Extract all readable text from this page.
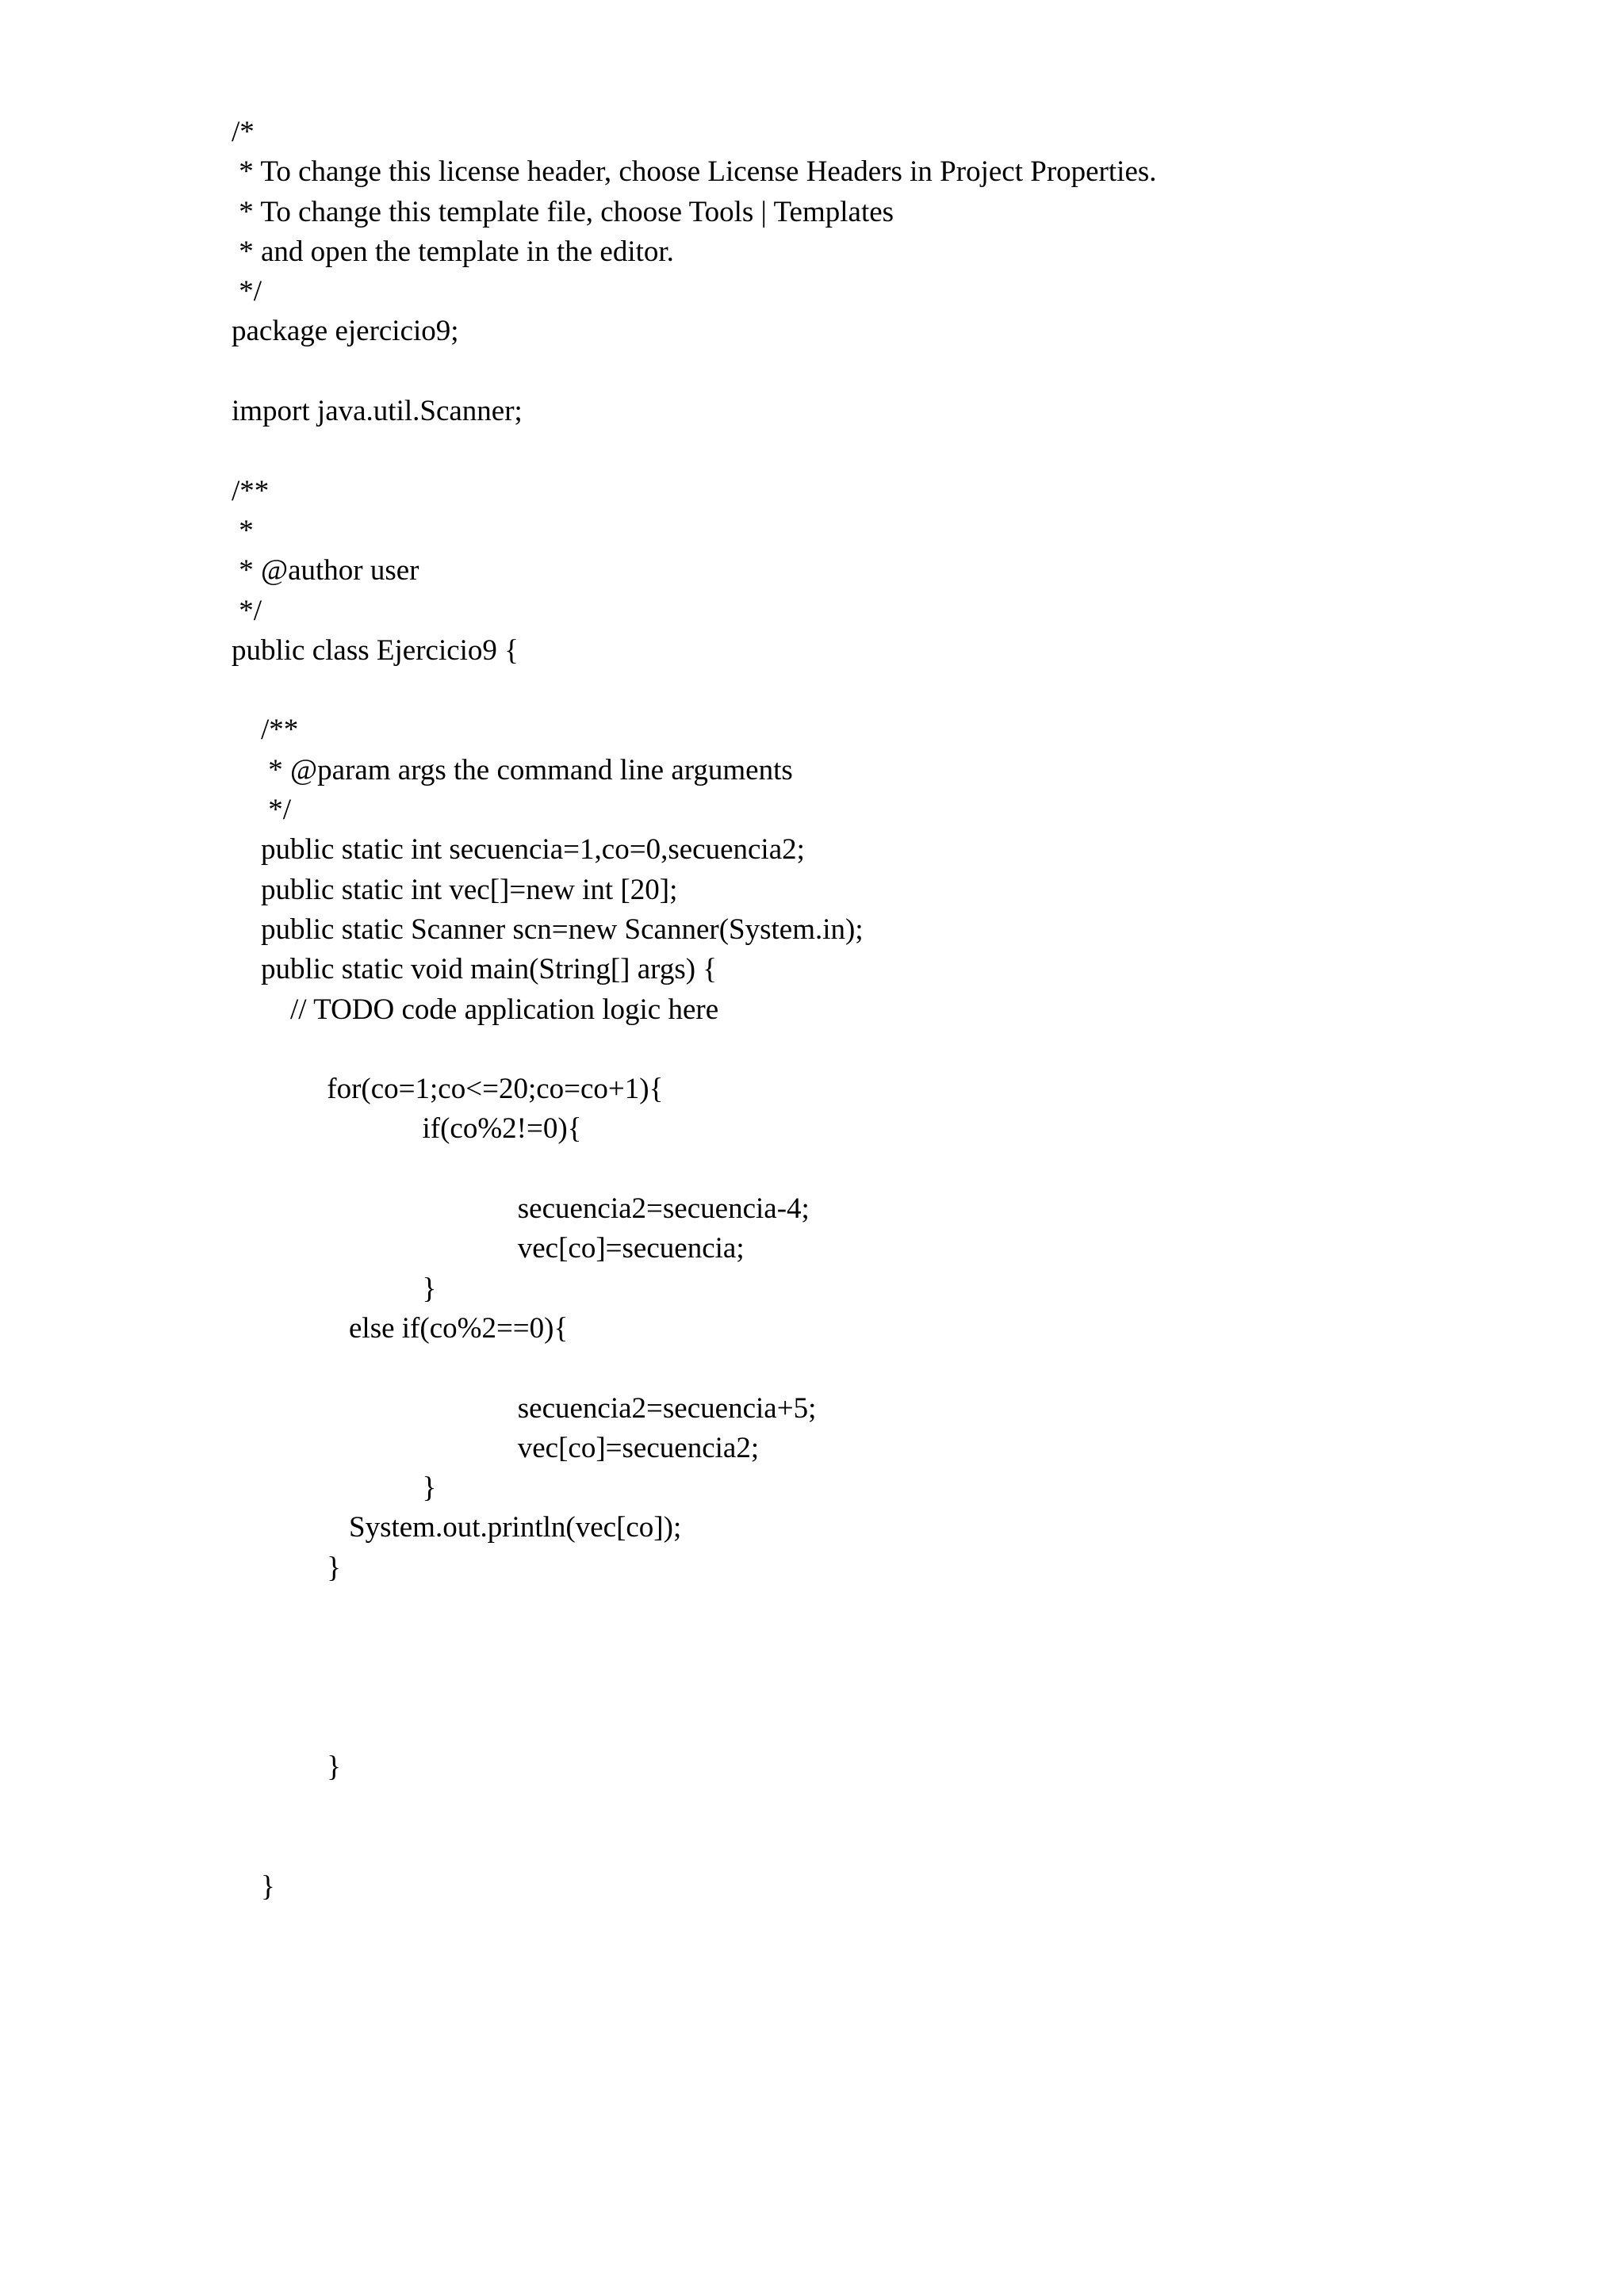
/*
* To change this license header, choose License Headers in Project Properties.
* To change this template file, choose Tools | Templates
* and open the template in the editor.
*/
package ejercicio9;
import java.util.Scanner;
/**
*
* @author user
*/
public class Ejercicio9 {
/**
* @param args the command line arguments
*/
public static int secuencia=1,co=0,secuencia2;
public static int vec[]=new int [20];
public static Scanner scn=new Scanner(System.in);
public static void main(String[] args) {
// TODO code application logic here
for(co=1;co<=20;co=co+1){
if(co%2!=0){
secuencia2=secuencia-4;
vec[co]=secuencia;
}
else if(co%2==0){
secuencia2=secuencia+5;
vec[co]=secuencia2;
}
System.out.println(vec[co]);
}
}
}
